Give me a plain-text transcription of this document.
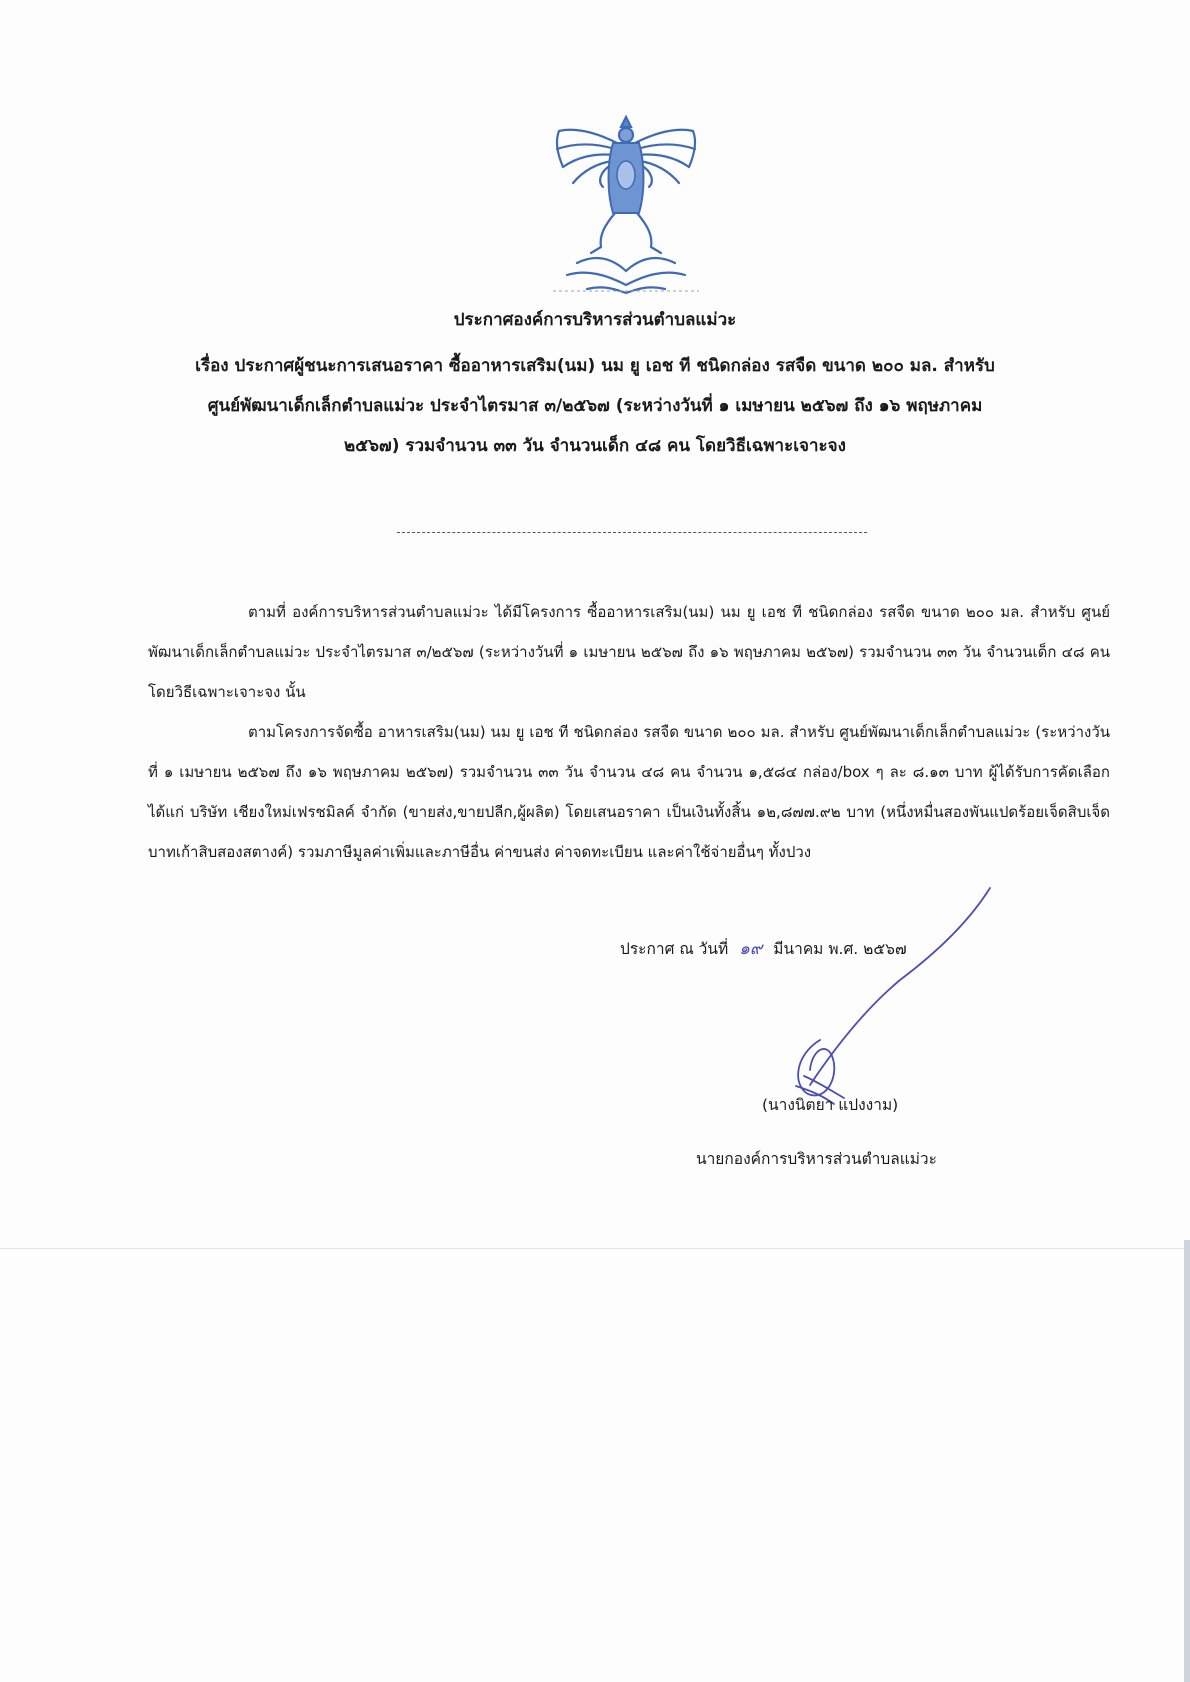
ประกาศองค์การบริหารส่วนตำบลแม่วะ
เรื่อง ประกาศผู้ชนะการเสนอราคา ซื้ออาหารเสริม(นม) นม ยู เอช ที ชนิดกล่อง รสจืด ขนาด ๒๐๐ มล. สำหรับ
ศูนย์พัฒนาเด็กเล็กตำบลแม่วะ ประจำไตรมาส ๓/๒๕๖๗ (ระหว่างวันที่ ๑ เมษายน ๒๕๖๗ ถึง ๑๖ พฤษภาคม
๒๕๖๗) รวมจำนวน ๓๓ วัน จำนวนเด็ก ๔๘ คน โดยวิธีเฉพาะเจาะจง
ตามที่ องค์การบริหารส่วนตำบลแม่วะ ได้มีโครงการ ซื้ออาหารเสริม(นม) นม ยู เอช ที ชนิดกล่อง รสจืด ขนาด ๒๐๐ มล. สำหรับ ศูนย์พัฒนาเด็กเล็กตำบลแม่วะ ประจำไตรมาส ๓/๒๕๖๗ (ระหว่างวันที่ ๑ เมษายน ๒๕๖๗ ถึง ๑๖ พฤษภาคม ๒๕๖๗) รวมจำนวน ๓๓ วัน จำนวนเด็ก ๔๘ คน โดยวิธีเฉพาะเจาะจง นั้น
ตามโครงการจัดซื้อ อาหารเสริม(นม) นม ยู เอช ที ชนิดกล่อง รสจืด ขนาด ๒๐๐ มล. สำหรับ ศูนย์พัฒนาเด็กเล็กตำบลแม่วะ (ระหว่างวันที่ ๑ เมษายน ๒๕๖๗ ถึง ๑๖ พฤษภาคม ๒๕๖๗) รวมจำนวน ๓๓ วัน จำนวน ๔๘ คน จำนวน ๑,๕๘๔ กล่อง/box ๆ ละ ๘.๑๓ บาท ผู้ได้รับการคัดเลือก ได้แก่ บริษัท เชียงใหม่เฟรชมิลค์ จำกัด (ขายส่ง,ขายปลีก,ผู้ผลิต) โดยเสนอราคา เป็นเงินทั้งสิ้น ๑๒,๘๗๗.๙๒ บาท (หนึ่งหมื่นสองพันแปดร้อยเจ็ดสิบเจ็ดบาทเก้าสิบสองสตางค์) รวมภาษีมูลค่าเพิ่มและภาษีอื่น ค่าขนส่ง ค่าจดทะเบียน และค่าใช้จ่ายอื่นๆ ทั้งปวง
ประกาศ ณ วันที่ ๑๙ มีนาคม พ.ศ. ๒๕๖๗
(นางนิตยา แปงงาม)
นายกองค์การบริหารส่วนตำบลแม่วะ
